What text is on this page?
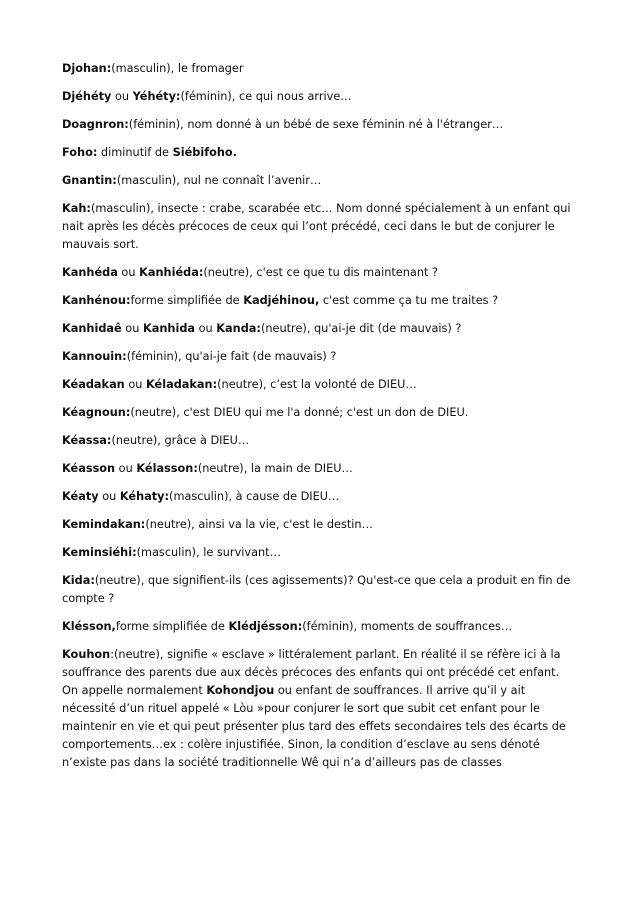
Djohan:(masculin), le fromager

Djéhéty ou Yéhéty:(féminin), ce qui nous arrive…

Doagnron:(féminin), nom donné à un bébé de sexe féminin né à l'étranger…

Foho: diminutif de Siébifoho.

Gnantin:(masculin), nul ne connaît l’avenir…

Kah:(masculin), insecte : crabe, scarabée etc… Nom donné spécialement à un enfant qui nait après les décès précoces de ceux qui l’ont précédé, ceci dans le but de conjurer le mauvais sort.

Kanhéda ou Kanhiéda:(neutre), c'est ce que tu dis maintenant ?

Kanhénou:forme simplifiée de Kadjéhinou, c'est comme ça tu me traites ?

Kanhidaê ou Kanhida ou Kanda:(neutre), qu'ai-je dit (de mauvais) ?

Kannouin:(féminin), qu'ai-je fait (de mauvais) ?

Kéadakan ou Kéladakan:(neutre), c’est la volonté de DIEU…

Kéagnoun:(neutre), c'est DIEU qui me l'a donné; c'est un don de DIEU.

Kéassa:(neutre), grâce à DIEU…

Kéasson ou Kélasson:(neutre), la main de DIEU…

Kéaty ou Kéhaty:(masculin), à cause de DIEU…

Kemindakan:(neutre), ainsi va la vie, c'est le destin…

Keminsiéhi:(masculin), le survivant…

Kida:(neutre), que signifient-ils (ces agissements)? Qu'est-ce que cela a produit en fin de compte ?

Klésson,forme simplifiée de Klédjésson:(féminin), moments de souffrances…

Kouhon:(neutre), signifie « esclave » littéralement parlant. En réalité il se réfère ici à la souffrance des parents due aux décès précoces des enfants qui ont précédé cet enfant. On appelle normalement Kohondjou ou enfant de souffrances. Il arrive qu’il y ait nécessité d’un rituel appelé « Lòu »pour conjurer le sort que subit cet enfant pour le maintenir en vie et qui peut présenter plus tard des effets secondaires tels des écarts de comportements…ex : colère injustifiée. Sinon, la condition d’esclave au sens dénoté n’existe pas dans la société traditionnelle Wê qui n’a d’ailleurs pas de classes
